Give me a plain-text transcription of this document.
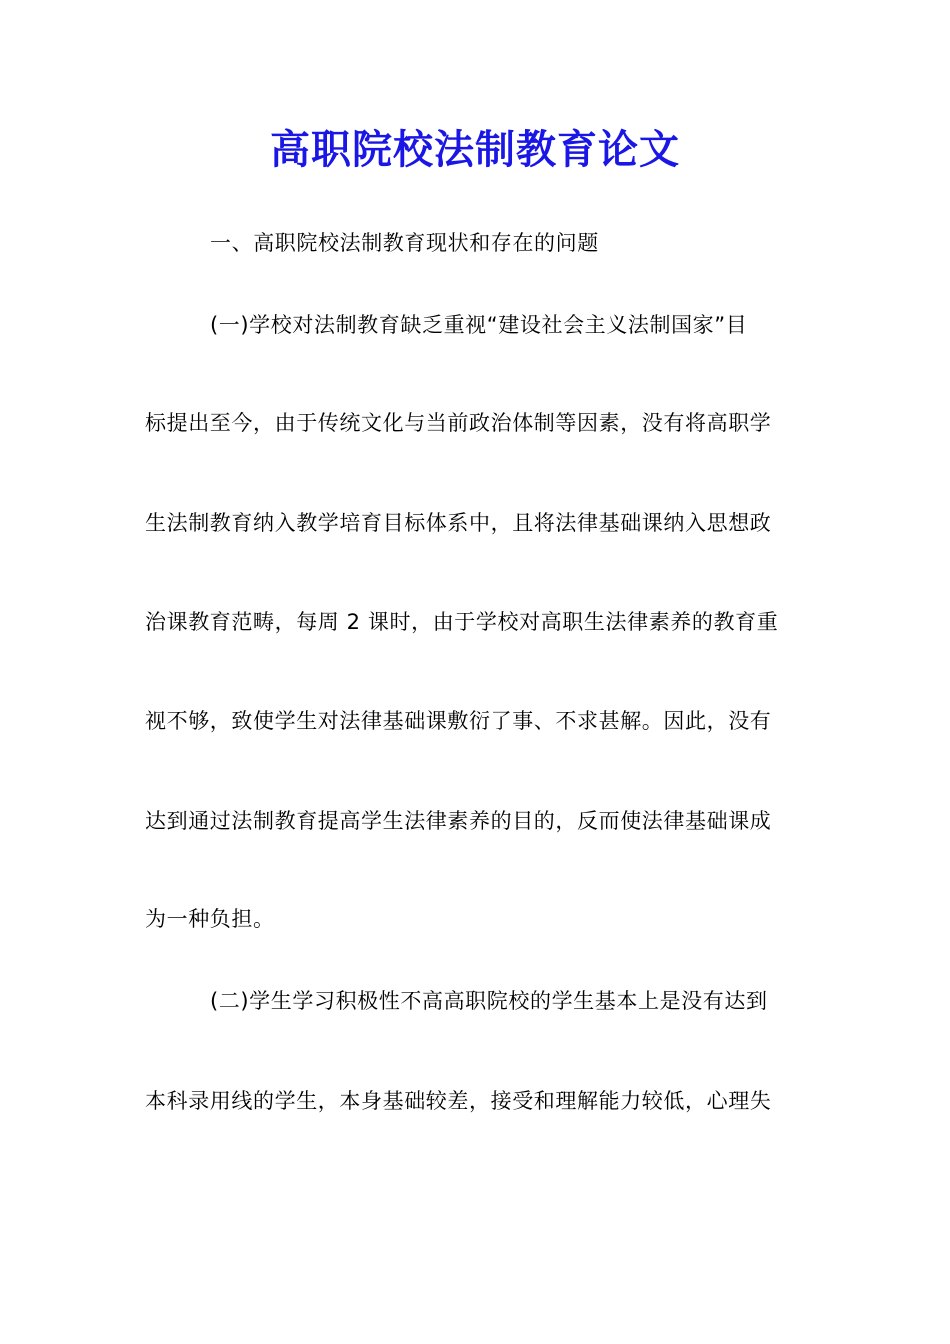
高职院校法制教育论文
一、高职院校法制教育现状和存在的问题
(一)学校对法制教育缺乏重视“建设社会主义法制国家”目
标提出至今，由于传统文化与当前政治体制等因素，没有将高职学
生法制教育纳入教学培育目标体系中，且将法律基础课纳入思想政
治课教育范畴，每周 2 课时，由于学校对高职生法律素养的教育重
视不够，致使学生对法律基础课敷衍了事、不求甚解。因此，没有
达到通过法制教育提高学生法律素养的目的，反而使法律基础课成
为一种负担。
(二)学生学习积极性不高高职院校的学生基本上是没有达到
本科录用线的学生，本身基础较差，接受和理解能力较低，心理失
